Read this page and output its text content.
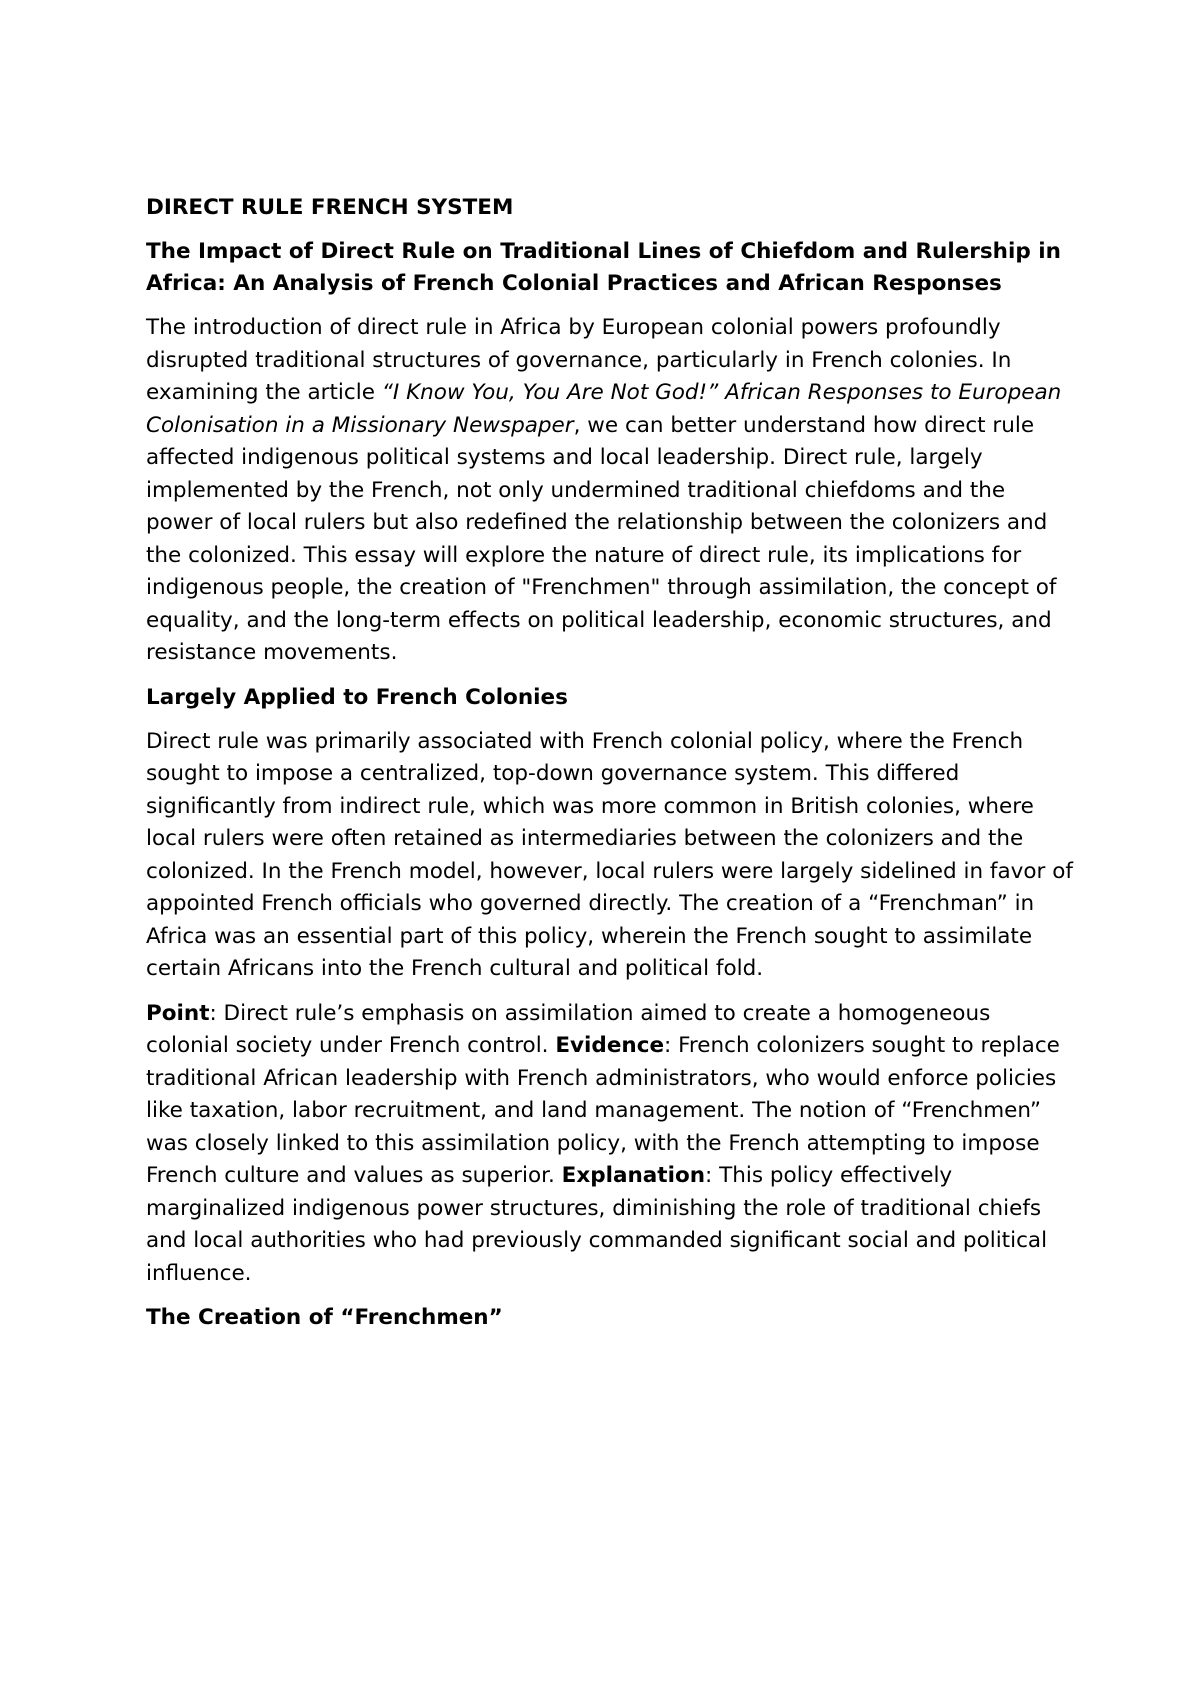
DIRECT RULE FRENCH SYSTEM
The Impact of Direct Rule on Traditional Lines of Chiefdom and Rulership in Africa: An Analysis of French Colonial Practices and African Responses
The introduction of direct rule in Africa by European colonial powers profoundly disrupted traditional structures of governance, particularly in French colonies. In examining the article “I Know You, You Are Not God!” African Responses to European Colonisation in a Missionary Newspaper, we can better understand how direct rule affected indigenous political systems and local leadership. Direct rule, largely implemented by the French, not only undermined traditional chiefdoms and the power of local rulers but also redefined the relationship between the colonizers and the colonized. This essay will explore the nature of direct rule, its implications for indigenous people, the creation of "Frenchmen" through assimilation, the concept of equality, and the long-term effects on political leadership, economic structures, and resistance movements.
Largely Applied to French Colonies
Direct rule was primarily associated with French colonial policy, where the French sought to impose a centralized, top-down governance system. This differed significantly from indirect rule, which was more common in British colonies, where local rulers were often retained as intermediaries between the colonizers and the colonized. In the French model, however, local rulers were largely sidelined in favor of appointed French officials who governed directly. The creation of a “Frenchman” in Africa was an essential part of this policy, wherein the French sought to assimilate certain Africans into the French cultural and political fold.
Point: Direct rule’s emphasis on assimilation aimed to create a homogeneous colonial society under French control. Evidence: French colonizers sought to replace traditional African leadership with French administrators, who would enforce policies like taxation, labor recruitment, and land management. The notion of “Frenchmen” was closely linked to this assimilation policy, with the French attempting to impose French culture and values as superior. Explanation: This policy effectively marginalized indigenous power structures, diminishing the role of traditional chiefs and local authorities who had previously commanded significant social and political influence.
The Creation of “Frenchmen”
